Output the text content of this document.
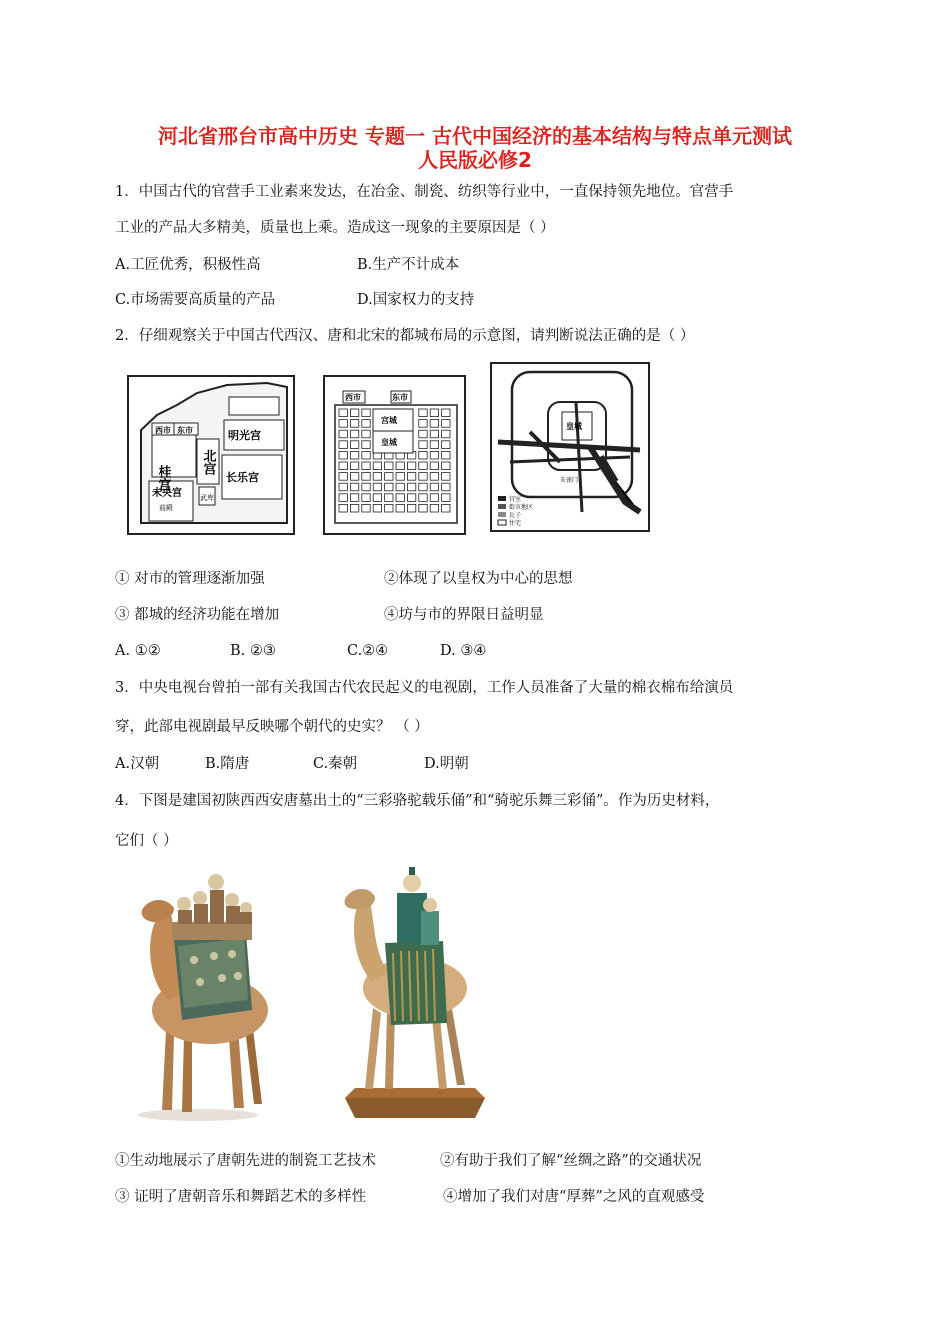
河北省邢台市高中历史 专题一 古代中国经济的基本结构与特点单元测试
人民版必修2
1．中国古代的官营手工业素来发达，在冶金、制瓷、纺织等行业中，一直保持领先地位。官营手
工业的产品大多精美，质量也上乘。造成这一现象的主要原因是（ ）
A.工匠优秀，积极性高	B.生产不计成本
C.市场需要高质量的产品	D.国家权力的支持
2．仔细观察关于中国古代西汉、唐和北宋的都城布局的示意图，请判断说法正确的是（ ）
西市 东市
桂宫
北宫
明光宫
长乐宫
未央宫
前殿
武库
西市	东市
宫城
皇城
皇城
朱雀门
宫室
街市地区
瓦子
住宅
① 对市的管理逐渐加强	②体现了以皇权为中心的思想
③ 都城的经济功能在增加	④坊与市的界限日益明显
A. ①②	B. ②③	C.②④	D. ③④
3．中央电视台曾拍一部有关我国古代农民起义的电视剧，工作人员准备了大量的棉衣棉布给演员
穿，此部电视剧最早反映哪个朝代的史实？ （ ）
A.汉朝	B.隋唐	C.秦朝	D.明朝
4．下图是建国初陕西西安唐墓出土的“三彩骆驼载乐俑”和“骑驼乐舞三彩俑”。作为历史材料，
它们（ ）
①生动地展示了唐朝先进的制瓷工艺技术	②有助于我们了解“丝绸之路”的交通状况
③ 证明了唐朝音乐和舞蹈艺术的多样性	④增加了我们对唐“厚葬”之风的直观感受
